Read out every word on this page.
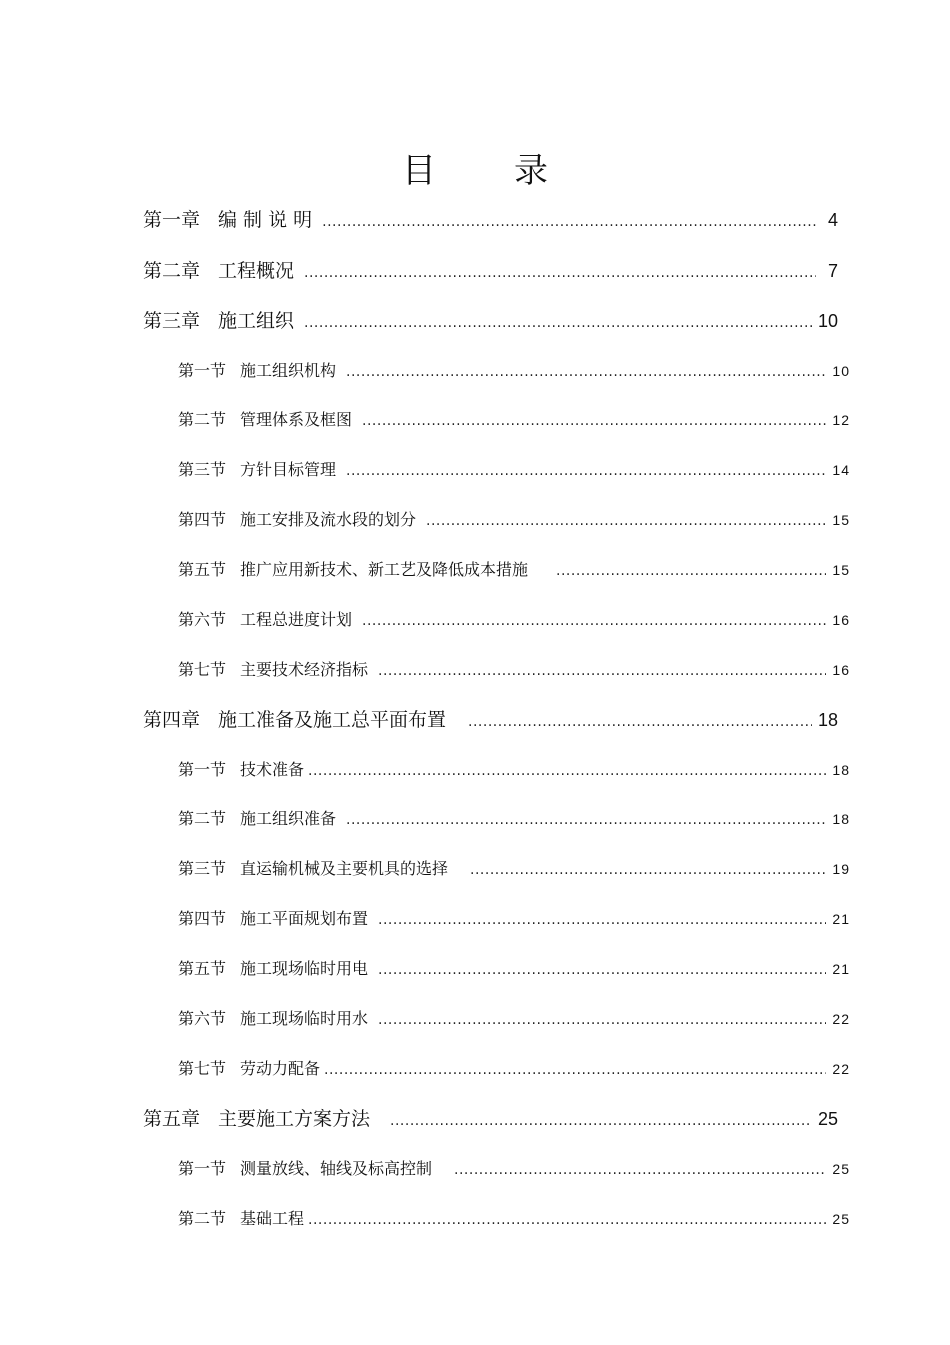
目 录
第一章 编 制 说 明 .....	4
第二章 工程概况 .....	7
第三章 施工组织 .....	10
第一节 施工组织机构 .....	10
第二节 管理体系及框图 .....	12
第三节 方针目标管理 .....	14
第四节 施工安排及流水段的划分 .....	15
第五节 推广应用新技术、新工艺及降低成本措施 .....	15
第六节 工程总进度计划 .....	16
第七节 主要技术经济指标 .....	16
第四章 施工准备及施工总平面布置 .....	18
第一节 技术准备 .....	18
第二节 施工组织准备 .....	18
第三节 直运输机械及主要机具的选择 .....	19
第四节 施工平面规划布置 .....	21
第五节 施工现场临时用电 .....	21
第六节 施工现场临时用水 .....	22
第七节 劳动力配备 .....	22
第五章 主要施工方案方法 .....	25
第一节 测量放线、轴线及标高控制 .....	25
第二节 基础工程 .....	25
